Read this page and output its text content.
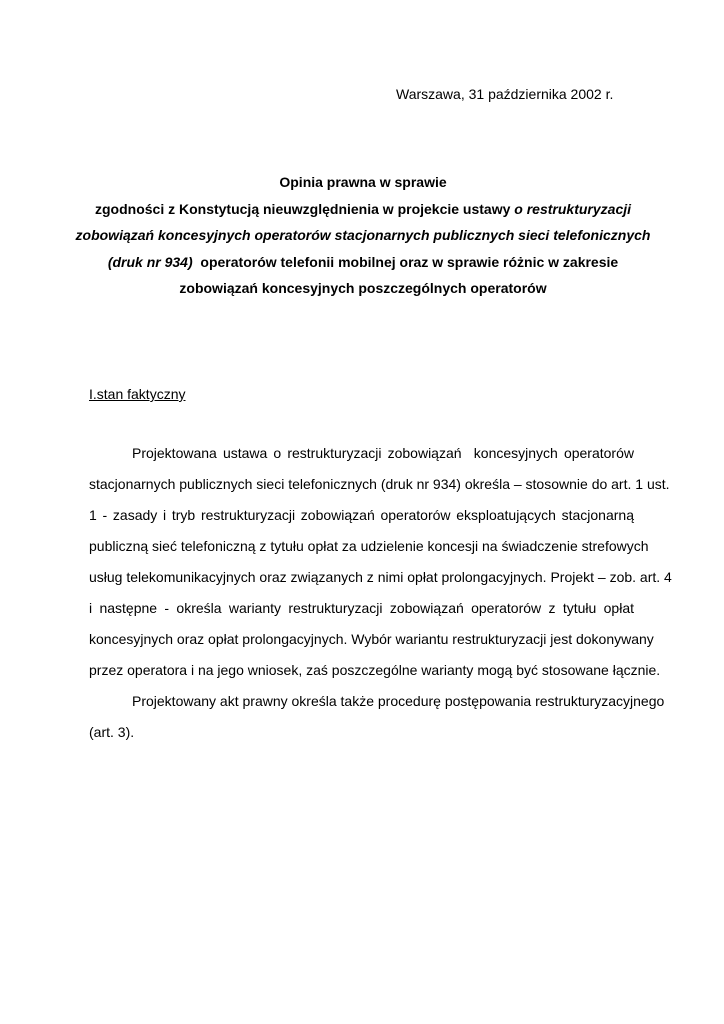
Warszawa, 31 października 2002 r.
Opinia prawna w sprawie
zgodności z Konstytucją nieuwzględnienia w projekcie ustawy o restrukturyzacji
zobowiązań koncesyjnych operatorów stacjonarnych publicznych sieci telefonicznych
(druk nr 934)  operatorów telefonii mobilnej oraz w sprawie różnic w zakresie
zobowiązań koncesyjnych poszczególnych operatorów
I.stan faktyczny
Projektowana ustawa o restrukturyzacji zobowiązań  koncesyjnych operatorów
stacjonarnych publicznych sieci telefonicznych (druk nr 934) określa – stosownie do art. 1 ust.
1 - zasady i tryb restrukturyzacji zobowiązań operatorów eksploatujących stacjonarną
publiczną sieć telefoniczną z tytułu opłat za udzielenie koncesji na świadczenie strefowych
usług telekomunikacyjnych oraz związanych z nimi opłat prolongacyjnych. Projekt – zob. art. 4
i następne - określa warianty restrukturyzacji zobowiązań operatorów z tytułu opłat
koncesyjnych oraz opłat prolongacyjnych. Wybór wariantu restrukturyzacji jest dokonywany
przez operatora i na jego wniosek, zaś poszczególne warianty mogą być stosowane łącznie.
Projektowany akt prawny określa także procedurę postępowania restrukturyzacyjnego
(art. 3).
